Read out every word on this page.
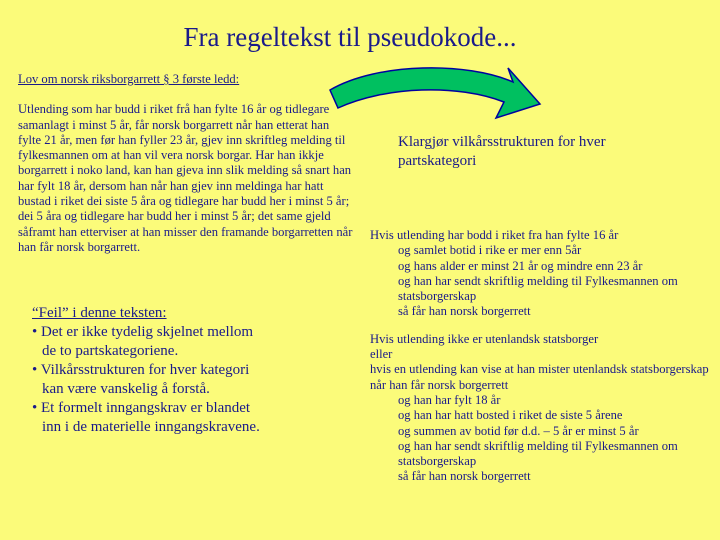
Fra regeltekst til pseudokode...
Lov om norsk riksborgarrett § 3 første ledd:
Utlending som har budd i riket frå han fylte 16 år og tidlegare samanlagt i minst 5 år, får norsk borgarrett når han etterat han fylte 21 år, men før han fyller 23 år, gjev inn skriftleg melding til fylkesmannen om at han vil vera norsk borgar. Har han ikkje borgarrett i noko land, kan han gjeva inn slik melding så snart han har fylt 18 år, dersom han når han gjev inn meldinga har hatt bustad i riket dei siste 5 åra og tidlegare har budd her i minst 5 år; dei 5 åra og tidlegare har budd her i minst 5 år; det same gjeld såframt han etterviser at han misser den framande borgarretten når han får norsk borgarrett.
Klargjør vilkårsstrukturen for hver partskategori
“Feil” i denne teksten:
• Det er ikke tydelig skjelnet mellom
de to partskategoriene.
• Vilkårsstrukturen for hver kategori
kan være vanskelig å forstå.
• Et formelt inngangskrav er blandet
inn i de materielle inngangskravene.
Hvis utlending har bodd i riket fra han fylte 16 år
og samlet botid i rike er mer enn 5år
og hans alder er minst 21 år og mindre enn 23 år
og han har sendt skriftlig melding til Fylkesmannen om statsborgerskap
så får han norsk borgerrett
Hvis utlending ikke er utenlandsk statsborger
eller
hvis en utlending kan vise at han mister utenlandsk statsborgerskap når han får norsk borgerrett
og han har fylt 18 år
og han har hatt bosted i riket de siste 5 årene
og summen av botid før d.d. – 5 år er minst 5 år
og han har sendt skriftlig melding til Fylkesmannen om statsborgerskap
så får han norsk borgerrett
